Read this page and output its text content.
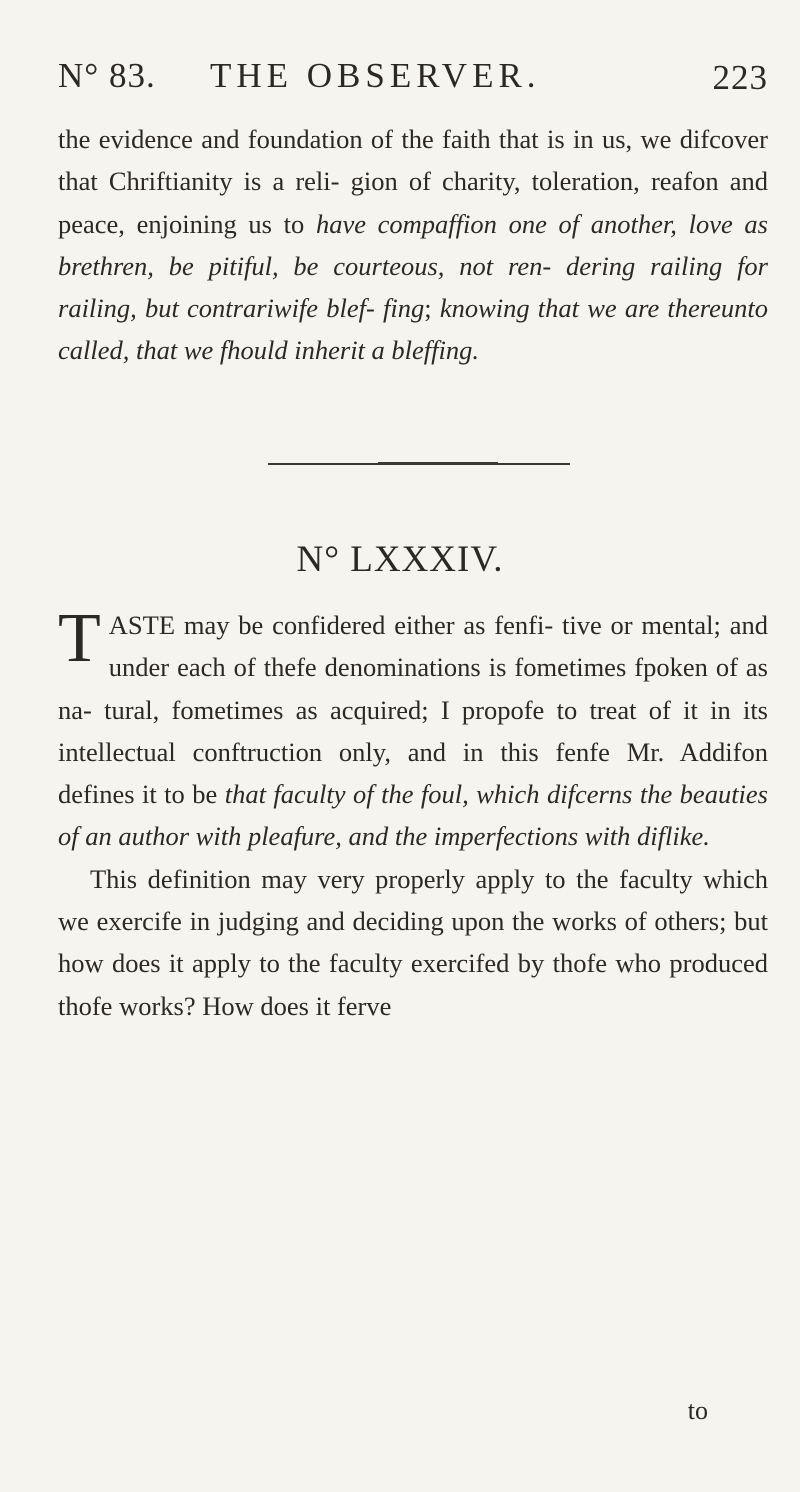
N° 83. THE OBSERVER.	223

the evidence and foundation of the faith that is in us, we difcover that Chriftianity is a reli- gion of charity, toleration, reafon and peace, enjoining us to have compaffion one of another, love as brethren, be pitiful, be courteous, not ren- dering railing for railing, but contrariwife blef- fing; knowing that we are thereunto called, that we fhould inherit a bleffing.

N° LXXXIV.

TASTE may be confidered either as fenfi- tive or mental; and under each of thefe denominations is fometimes fpoken of as na- tural, fometimes as acquired; I propofe to treat of it in its intellectual conftruction only, and in this fenfe Mr. Addifon defines it to be that faculty of the foul, which difcerns the beauties of an author with pleafure, and the imperfections with diflike.

This definition may very properly apply to the faculty which we exercife in judging and deciding upon the works of others; but how does it apply to the faculty exercifed by thofe who produced thofe works? How does it ferve

to
